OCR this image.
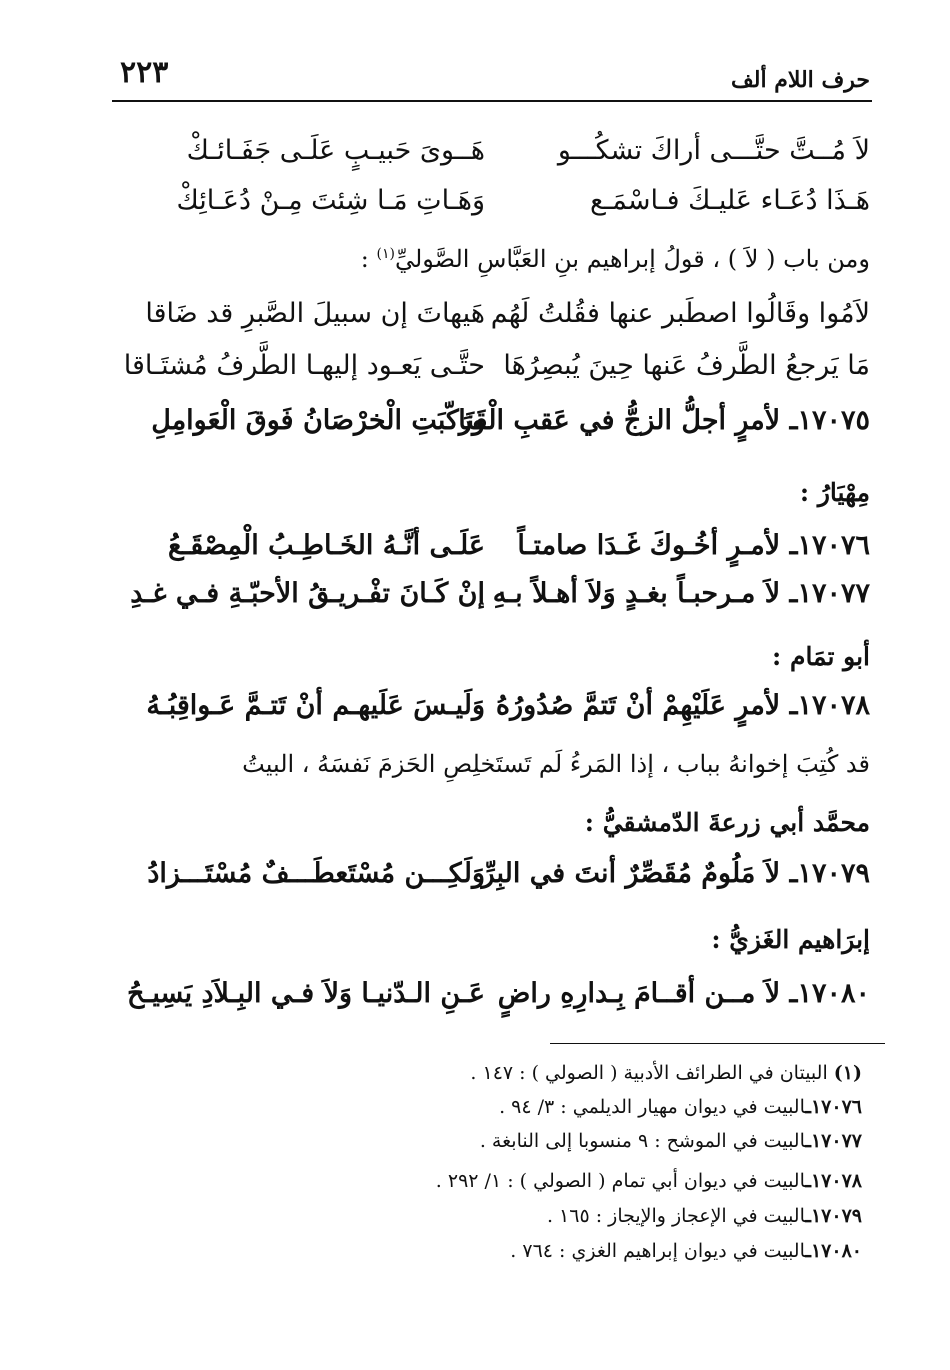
حرف اللام ألف
٢٢٣
لاَ مُــتَّ حتَّـــى أراكَ تشكُـــو
هَــوىَ حَبيـبٍ عَلَـى جَفَـائـكْ
هَـذَا دُعَـاء عَليـكَ فـاسْمَـع
وَهَـاتِ مَـا شِئتَ مِـنْ دُعَـائِكْ
ومن باب ( لاَ ) ، قولُ إبراهيم بنِ العَبَّاسِ الصَّوليِّ$^{(١)}$ :
لاَمُوا وقَالُوا اصطَبر عنها فقُلتُ لَهُم
هَيهاتَ إن سبيلَ الصَّبرِ قد ضَاقا
مَا يَرجعُ الطَّرفُ عَنها حِينَ يُبصِرُهَا
حتَّـى يَعـود إليهـا الطَّرفُ مُشتَـاقا
١٧٠٧٥ـ لأمرٍ أجلُّ الزجُّ في عَقبِ الْقَنَا
ورَكّبَتِ الْخرْصَانُ فَوقَ الْعَوامِلِ
مِهْيَارُ :
١٧٠٧٦ـ لأمـرٍ أخُـوكَ غَـدَا صامتـاً
عَلَـى أنَّـهُ الخَـاطِـبُ الْمِصْقَـعُ
١٧٠٧٧ـ لاَ مـرحبـاً بغـدٍ وَلاَ أهـلاً بـهِ
إنْ كَـانَ تفْـريـقُ الأحبّـةِ فـي غـدِ
أبو تمَام :
١٧٠٧٨ـ لأمرٍ عَلَيْهِمْ أنْ تَتمَّ صُدُورُهُ
وَلَيـسَ عَلَيهـم أنْ تَتـمَّ عَـواقِبُـهُ
قد كُتِبَ إخوانهُ بباب ، إذا المَرءُ لَم تَستَخلِصِ الحَزمَ نَفسَهُ ، البيتُ
محمَّد أبي زرعةَ الدّمشقيُّ :
١٧٠٧٩ـ لاَ مَلُومٌ مُقَصِّرٌ أنتَ في البِرِّ
وَلَكِـــن مُسْتَعطَـــفٌ مُسْتَـــزادُ
إبرَاهيم الغَزيُّ :
١٧٠٨٠ـ لاَ مــن أقــامَ بِـدارِهِ راضٍ
عَـنِ الـدّنيـا وَلاَ فـي البِـلاَدِ يَسِيـحُ
(١) البيتان في الطرائف الأدبية ( الصولي ) : ١٤٧ .
١٧٠٧٦ـالبيت في ديوان مهيار الديلمي : ٣/ ٩٤ .
١٧٠٧٧ـالبيت في الموشح : ٩ منسوبا إلى النابغة .
١٧٠٧٨ـالبيت في ديوان أبي تمام ( الصولي ) : ١/ ٢٩٢ .
١٧٠٧٩ـالبيت في الإعجاز والإيجاز : ١٦٥ .
١٧٠٨٠ـالبيت في ديوان إبراهيم الغزي : ٧٦٤ .
